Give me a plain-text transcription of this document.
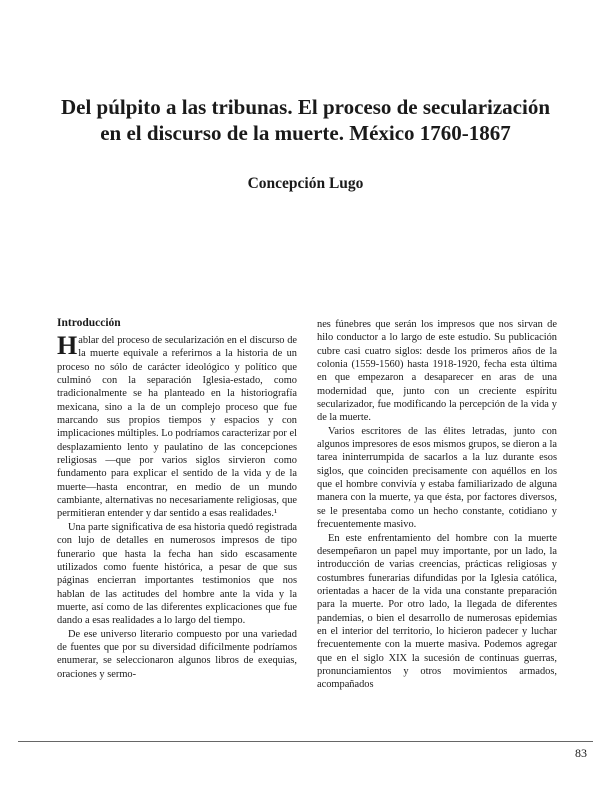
Del púlpito a las tribunas. El proceso de secularización
en el discurso de la muerte. México 1760-1867

Concepción Lugo

Introducción

Hablar del proceso de secularización en el discurso de la muerte equivale a referirnos a la historia de un proceso no sólo de carácter ideológico y político que culminó con la separación Iglesia-estado, como tradicionalmente se ha planteado en la historiografía mexicana, sino a la de un complejo proceso que fue marcando sus propios tiempos y espacios y con implicaciones múltiples. Lo podríamos caracterizar por el desplazamiento lento y paulatino de las concepciones religiosas —que por varios siglos sirvieron como fundamento para explicar el sentido de la vida y de la muerte—hasta encontrar, en medio de un mundo cambiante, alternativas no necesariamente religiosas, que permitieran entender y dar sentido a esas realidades.¹

Una parte significativa de esa historia quedó registrada con lujo de detalles en numerosos impresos de tipo funerario que hasta la fecha han sido escasamente utilizados como fuente histórica, a pesar de que sus páginas encierran importantes testimonios que nos hablan de las actitudes del hombre ante la vida y la muerte, así como de las diferentes explicaciones que fue dando a esas realidades a lo largo del tiempo.

De ese universo literario compuesto por una variedad de fuentes que por su diversidad difícilmente podríamos enumerar, se seleccionaron algunos libros de exequias, oraciones y sermo-

nes fúnebres que serán los impresos que nos sirvan de hilo conductor a lo largo de este estudio. Su publicación cubre casi cuatro siglos: desde los primeros años de la colonia (1559-1560) hasta 1918-1920, fecha esta última en que empezaron a desaparecer en aras de una modernidad que, junto con un creciente espíritu secularizador, fue modificando la percepción de la vida y de la muerte.

Varios escritores de las élites letradas, junto con algunos impresores de esos mismos grupos, se dieron a la tarea ininterrumpida de sacarlos a la luz durante esos siglos, que coinciden precisamente con aquéllos en los que el hombre convivía y estaba familiarizado de alguna manera con la muerte, ya que ésta, por factores diversos, se le presentaba como un hecho constante, cotidiano y frecuentemente masivo.

En este enfrentamiento del hombre con la muerte desempeñaron un papel muy importante, por un lado, la introducción de varias creencias, prácticas religiosas y costumbres funerarias difundidas por la Iglesia católica, orientadas a hacer de la vida una constante preparación para la muerte. Por otro lado, la llegada de diferentes pandemias, o bien el desarrollo de numerosas epidemias en el interior del territorio, lo hicieron padecer y luchar frecuentemente con la muerte masiva. Podemos agregar que en el siglo XIX la sucesión de continuas guerras, pronunciamientos y otros movimientos armados, acompañados

83
